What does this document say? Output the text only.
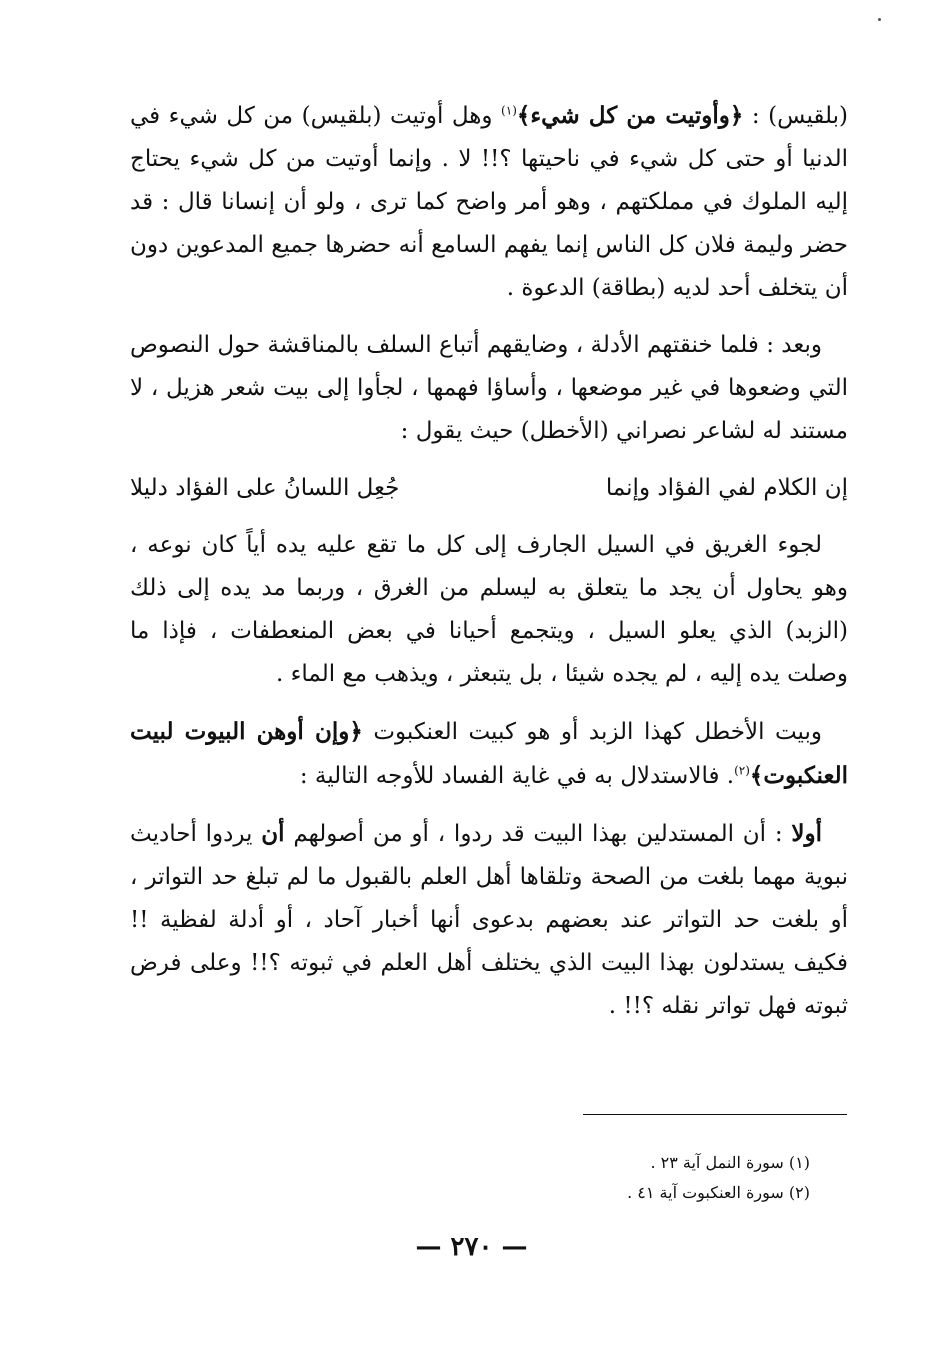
(بلقيس) : ﴿وأوتيت من كل شيء﴾$^{(١)}$ وهل أوتيت (بلقيس) من كل شيء في الدنيا أو حتى كل شيء في ناحيتها ؟!! لا . وإنما أوتيت من كل شيء يحتاج إليه الملوك في مملكتهم ، وهو أمر واضح كما ترى ، ولو أن إنسانا قال : قد حضر وليمة فلان كل الناس إنما يفهم السامع أنه حضرها جميع المدعوين دون أن يتخلف أحد لديه (بطاقة) الدعوة .

وبعد : فلما خنقتهم الأدلة ، وضايقهم أتباع السلف بالمناقشة حول النصوص التي وضعوها في غير موضعها ، وأساؤا فهمها ، لجأوا إلى بيت شعر هزيل ، لا مستند له لشاعر نصراني (الأخطل) حيث يقول :

إن الكلام لفي الفؤاد وإنما
جُعِل اللسانُ على الفؤاد دليلا

لجوء الغريق في السيل الجارف إلى كل ما تقع عليه يده أياً كان نوعه ، وهو يحاول أن يجد ما يتعلق به ليسلم من الغرق ، وربما مد يده إلى ذلك (الزبد) الذي يعلو السيل ، ويتجمع أحيانا في بعض المنعطفات ، فإذا ما وصلت يده إليه ، لم يجده شيئا ، بل يتبعثر ، ويذهب مع الماء .

وبيت الأخطل كهذا الزبد أو هو كبيت العنكبوت ﴿وإن أوهن البيوت لبيت العنكبوت﴾$^{(٢)}$. فالاستدلال به في غاية الفساد للأوجه التالية :

أولا : أن المستدلين بهذا البيت قد ردوا ، أو من أصولهم أن يردوا أحاديث نبوية مهما بلغت من الصحة وتلقاها أهل العلم بالقبول ما لم تبلغ حد التواتر ، أو بلغت حد التواتر عند بعضهم بدعوى أنها أخبار آحاد ، أو أدلة لفظية !! فكيف يستدلون بهذا البيت الذي يختلف أهل العلم في ثبوته ؟!! وعلى فرض ثبوته فهل تواتر نقله ؟!! .

(١) سورة النمل آية ٢٣ .
(٢) سورة العنكبوت آية ٤١ .
— ٢٧٠ —
